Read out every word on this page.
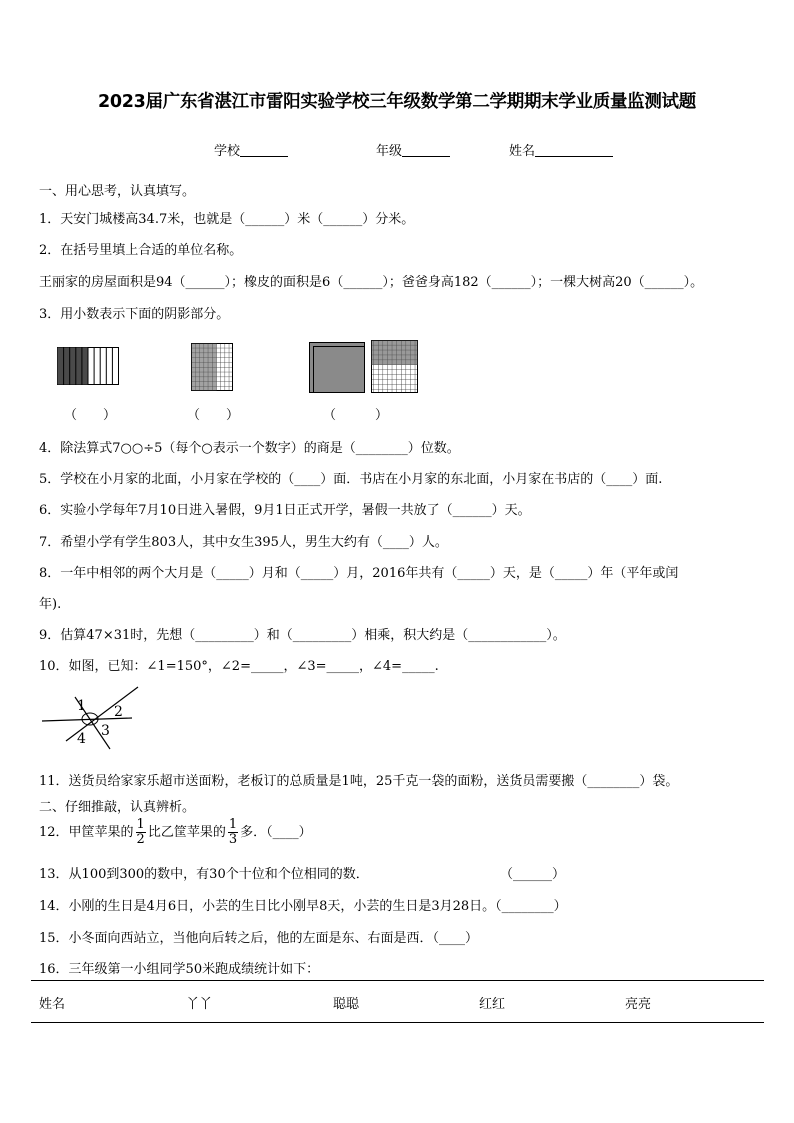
2023届广东省湛江市雷阳实验学校三年级数学第二学期期末学业质量监测试题
学校	年级	姓名
一、用心思考，认真填写。
1．天安门城楼高34.7米，也就是（______）米（______）分米。
2．在括号里填上合适的单位名称。
王丽家的房屋面积是94（______）；橡皮的面积是6（______）；爸爸身高182（______）；一棵大树高20（______）。
3．用小数表示下面的阴影部分。
（　　）	（　　）	（　　　）
4．除法算式7○○÷5（每个○表示一个数字）的商是（________）位数。
5．学校在小月家的北面，小月家在学校的（____）面．书店在小月家的东北面，小月家在书店的（____）面.
6．实验小学每年7月10日进入暑假，9月1日正式开学，暑假一共放了（______）天。
7．希望小学有学生803人，其中女生395人，男生大约有（____）人。
8．一年中相邻的两个大月是（_____）月和（_____）月，2016年共有（_____）天，是（_____）年（平年或闰
年).
9．估算47×31时，先想（_________）和（_________）相乘，积大约是（____________）。
10．如图，已知：∠1=150°，∠2=_____，∠3=_____，∠4=_____.
1 2
3
4
11．送货员给家家乐超市送面粉，老板订的总质量是1吨，25千克一袋的面粉，送货员需要搬（________）袋。
二、仔细推敲，认真辨析。
12．甲筐苹果的 $\frac{1}{2}$ 比乙筐苹果的 $\frac{1}{3}$ 多．（____）
13．从100到300的数中，有30个十位和个位相同的数．	（______）
14．小刚的生日是4月6日，小芸的生日比小刚早8天，小芸的生日是3月28日。（________）
15．小冬面向西站立，当他向后转之后，他的左面是东、右面是西．（____）
16．三年级第一小组同学50米跑成绩统计如下：
姓名	丫丫	聪聪	红红	亮亮
